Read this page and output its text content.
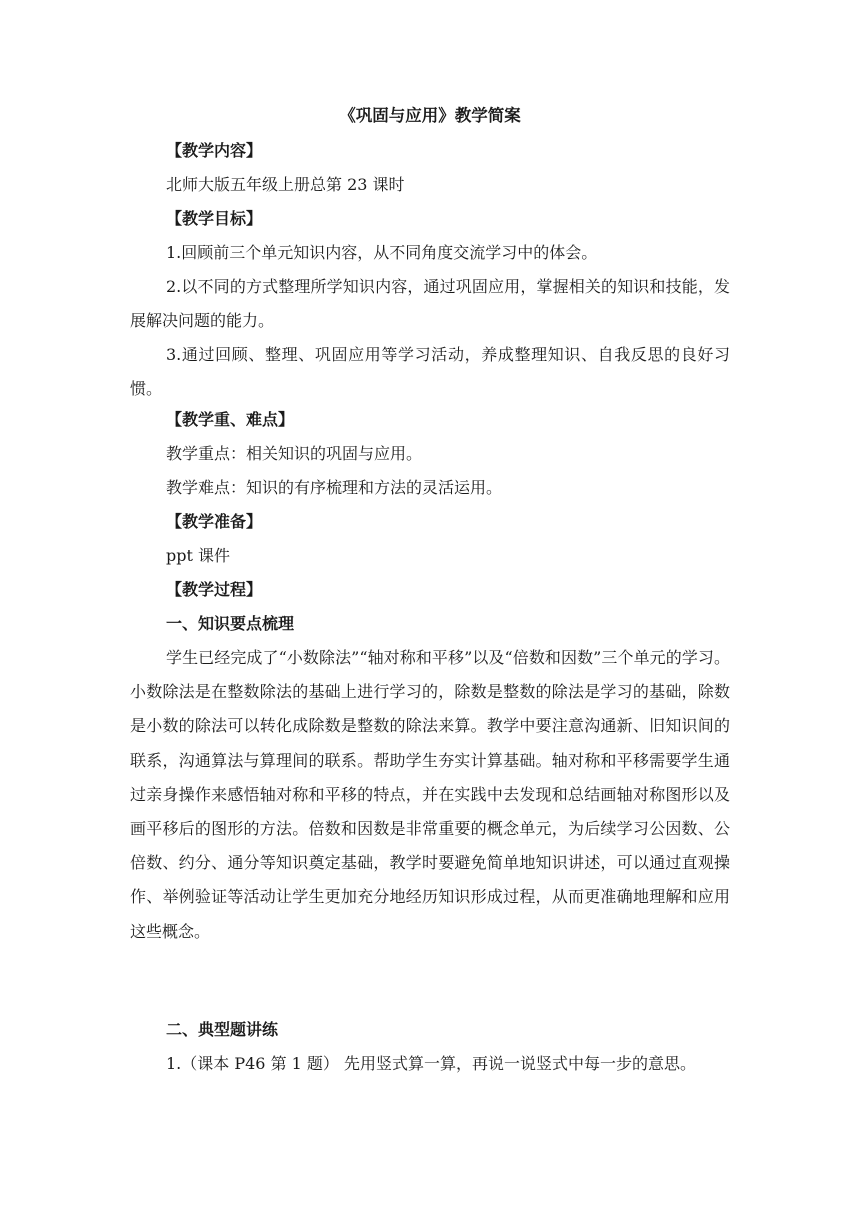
《巩固与应用》教学简案
【教学内容】
北师大版五年级上册总第 23 课时
【教学目标】

1.回顾前三个单元知识内容，从不同角度交流学习中的体会。

2.以不同的方式整理所学知识内容，通过巩固应用，掌握相关的知识和技能，发展解决问题的能力。

3.通过回顾、整理、巩固应用等学习活动，养成整理知识、自我反思的良好习惯。

【教学重、难点】
教学重点：相关知识的巩固与应用。
教学难点：知识的有序梳理和方法的灵活运用。
【教学准备】
ppt 课件
【教学过程】
一、知识要点梳理

学生已经完成了“小数除法”“轴对称和平移”以及“倍数和因数”三个单元的学习。小数除法是在整数除法的基础上进行学习的，除数是整数的除法是学习的基础，除数是小数的除法可以转化成除数是整数的除法来算。教学中要注意沟通新、旧知识间的联系，沟通算法与算理间的联系。帮助学生夯实计算基础。轴对称和平移需要学生通过亲身操作来感悟轴对称和平移的特点，并在实践中去发现和总结画轴对称图形以及画平移后的图形的方法。倍数和因数是非常重要的概念单元，为后续学习公因数、公倍数、约分、通分等知识奠定基础，教学时要避免简单地知识讲述，可以通过直观操作、举例验证等活动让学生更加充分地经历知识形成过程，从而更准确地理解和应用这些概念。

二、典型题讲练
1.（课本 P46 第 1 题） 先用竖式算一算，再说一说竖式中每一步的意思。
